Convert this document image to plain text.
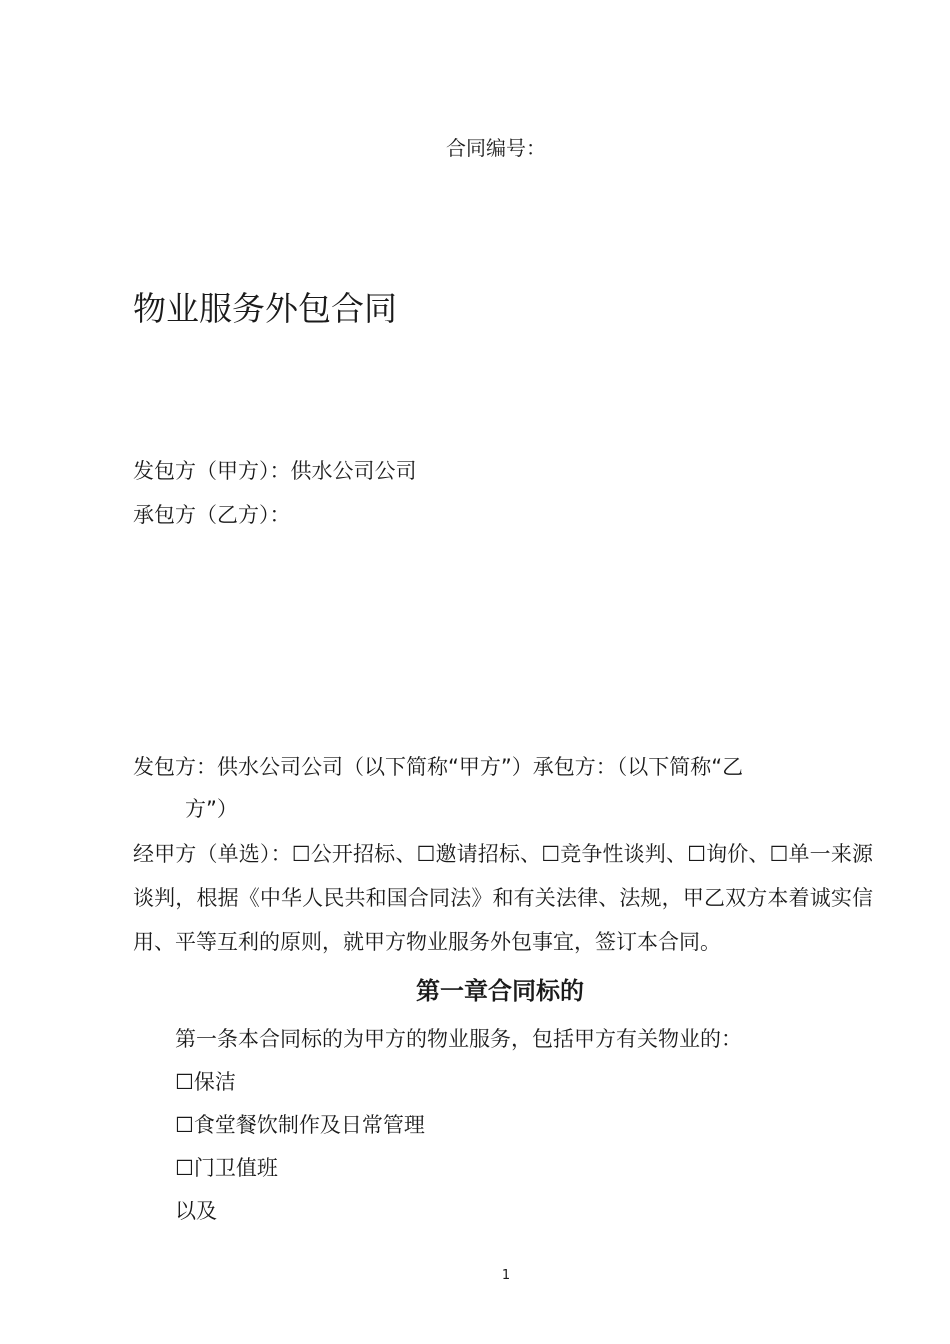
合同编号：
物业服务外包合同
发包方（甲方）：供水公司公司
承包方（乙方）：
发包方：供水公司公司（以下简称“甲方”）承包方：（以下简称“乙
方”）
经甲方（单选）：☐公开招标、☐邀请招标、☐竞争性谈判、☐询价、☐单一来源谈判，根据《中华人民共和国合同法》和有关法律、法规，甲乙双方本着诚实信用、平等互利的原则，就甲方物业服务外包事宜，签订本合同。
第一章合同标的
第一条本合同标的为甲方的物业服务，包括甲方有关物业的：
☐保洁
☐食堂餐饮制作及日常管理
☐门卫值班
以及
1
